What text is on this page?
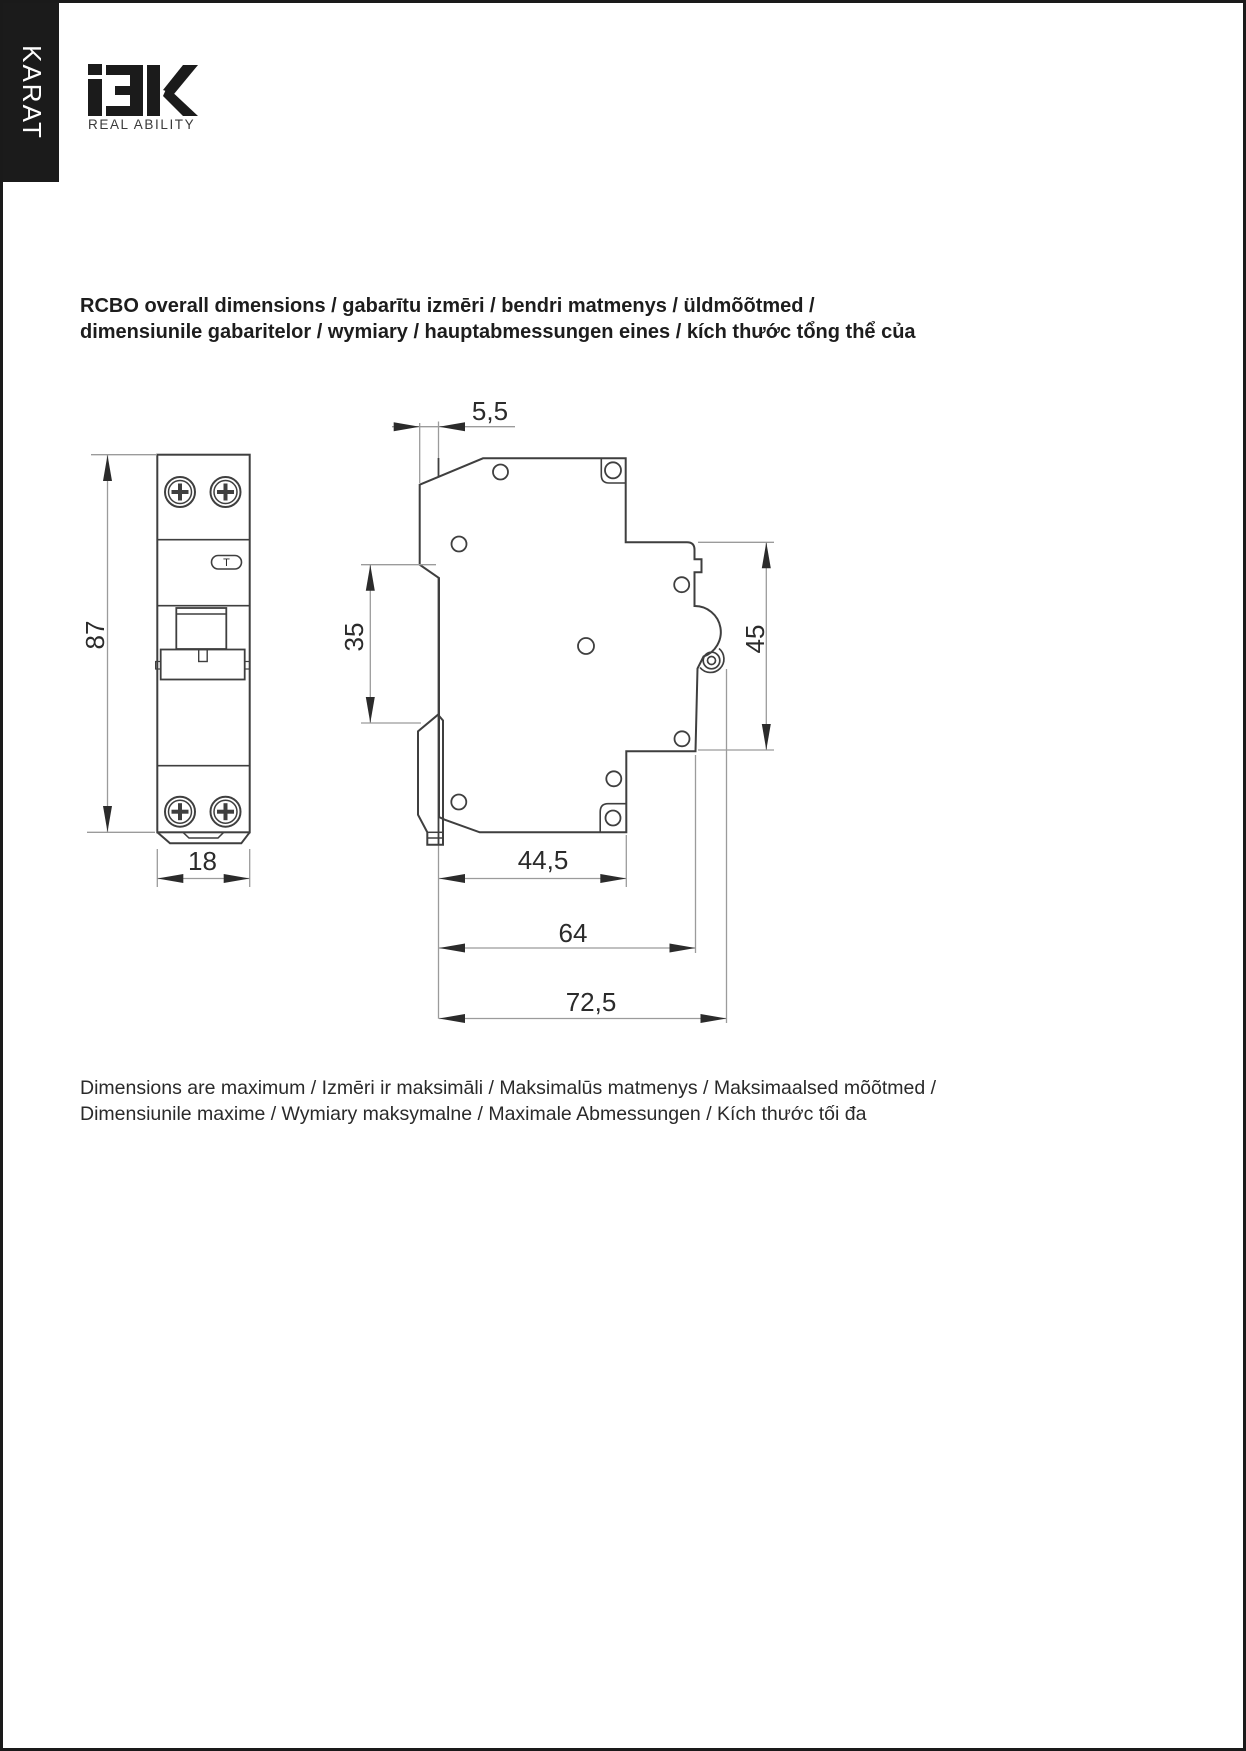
KARAT	REAL ABILITY
RCBO overall dimensions / gabarītu izmēri / bendri matmenys / üldmõõtmed /
dimensiunile gabaritelor / wymiary / hauptabmessungen eines / kích thước tổng thể của
T
87
18
5,5
35	45
44,5
64
72,5
Dimensions are maximum / Izmēri ir maksimāli / Maksimalūs matmenys / Maksimaalsed mõõtmed /
Dimensiunile maxime / Wymiary maksymalne / Maximale Abmessungen / Kích thước tối đa
